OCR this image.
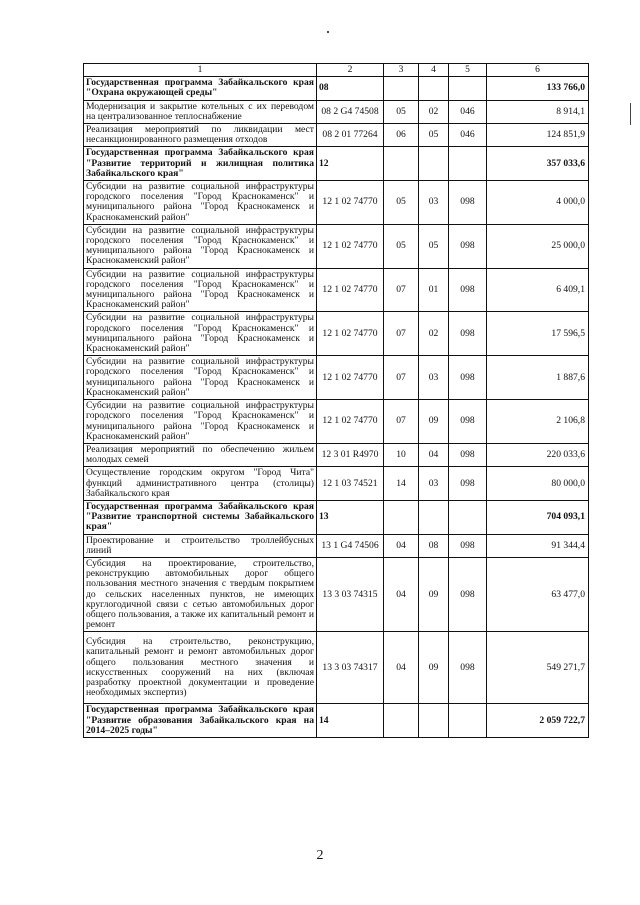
1	2	3	4	5	6
Государственная программа Забайкальского края "Охрана окружающей среды"	08				133 766,0
Модернизация и закрытие котельных с их переводом на централизованное теплоснабжение	08 2 G4 74508	05	02	046	8 914,1
Реализация мероприятий по ликвидации мест несанкционированного размещения отходов	08 2 01 77264	06	05	046	124 851,9
Государственная программа Забайкальского края "Развитие территорий и жилищная политика Забайкальского края"	12				357 033,6
Субсидии на развитие социальной инфраструктуры городского поселения "Город Краснокаменск" и муниципального района "Город Краснокаменск и Краснокаменский район"	12 1 02 74770	05	03	098	4 000,0
Субсидии на развитие социальной инфраструктуры городского поселения "Город Краснокаменск" и муниципального района "Город Краснокаменск и Краснокаменский район"	12 1 02 74770	05	05	098	25 000,0
Субсидии на развитие социальной инфраструктуры городского поселения "Город Краснокаменск" и муниципального района "Город Краснокаменск и Краснокаменский район"	12 1 02 74770	07	01	098	6 409,1
Субсидии на развитие социальной инфраструктуры городского поселения "Город Краснокаменск" и муниципального района "Город Краснокаменск и Краснокаменский район"	12 1 02 74770	07	02	098	17 596,5
Субсидии на развитие социальной инфраструктуры городского поселения "Город Краснокаменск" и муниципального района "Город Краснокаменск и Краснокаменский район"	12 1 02 74770	07	03	098	1 887,6
Субсидии на развитие социальной инфраструктуры городского поселения "Город Краснокаменск" и муниципального района "Город Краснокаменск и Краснокаменский район"	12 1 02 74770	07	09	098	2 106,8
Реализация мероприятий по обеспечению жильем молодых семей	12 3 01 R4970	10	04	098	220 033,6
Осуществление городским округом "Город Чита" функций административного центра (столицы) Забайкальского края	12 1 03 74521	14	03	098	80 000,0
Государственная программа Забайкальского края "Развитие транспортной системы Забайкальского края"	13				704 093,1
Проектирование и строительство троллейбусных линий	13 1 G4 74506	04	08	098	91 344,4
Субсидия на проектирование, строительство, реконструкцию автомобильных дорог общего пользования местного значения с твердым покрытием до сельских населенных пунктов, не имеющих круглогодичной связи с сетью автомобильных дорог общего пользования, а также их капитальный ремонт и ремонт	13 3 03 74315	04	09	098	63 477,0
Субсидия на строительство, реконструкцию, капитальный ремонт и ремонт автомобильных дорог общего пользования местного значения и искусственных сооружений на них (включая разработку проектной документации и проведение необходимых экспертиз)	13 3 03 74317	04	09	098	549 271,7
Государственная программа Забайкальского края "Развитие образования Забайкальского края на 2014–2025 годы"	14				2 059 722,7
2
